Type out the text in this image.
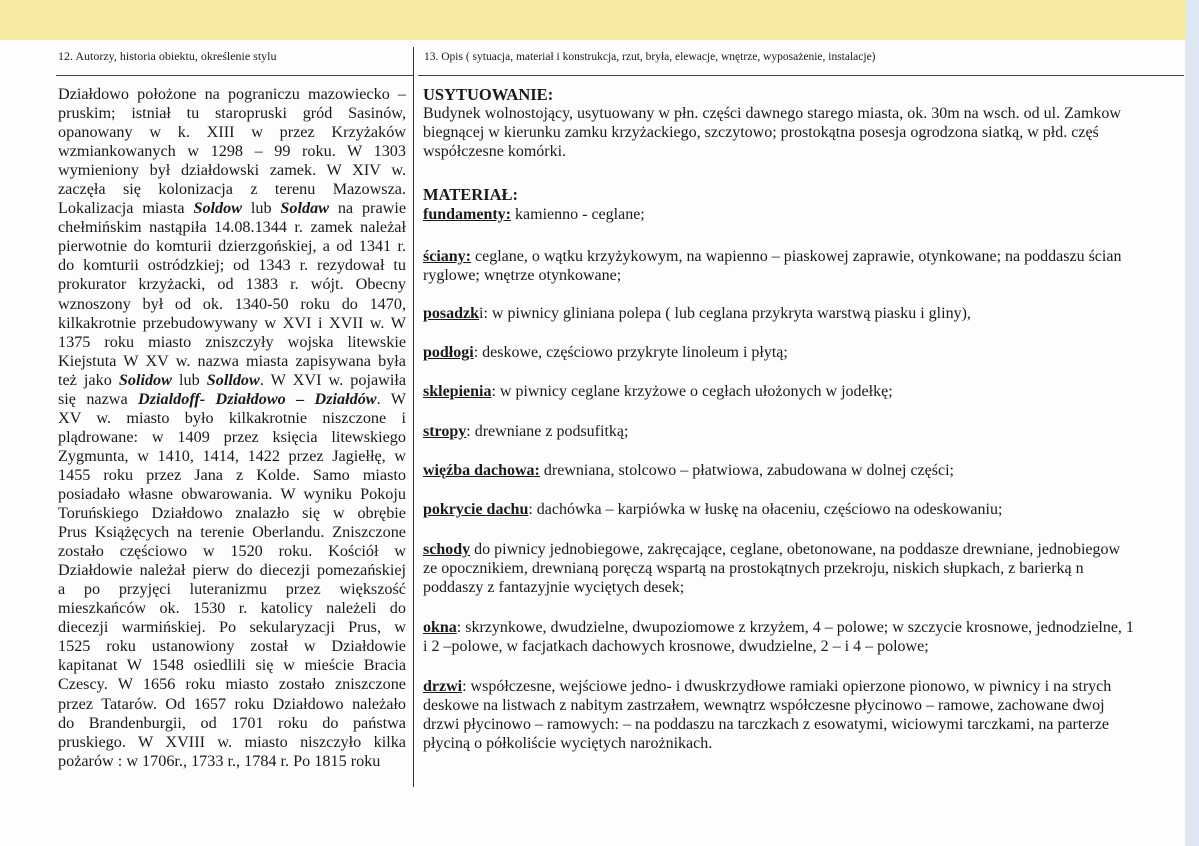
12. Autorzy, historia obiektu, określenie stylu	13. Opis ( sytuacja, materiał i konstrukcja, rzut, bryła, elewacje, wnętrze, wyposażenie, instalacje)
Działdowo położone na pograniczu mazowiecko –
pruskim; istniał tu staropruski gród Sasinów,
opanowany w k. XIII w przez Krzyżaków
wzmiankowanych w 1298 – 99 roku. W 1303
wymieniony był działdowski zamek. W XIV w.
zaczęła się kolonizacja z terenu Mazowsza.
Lokalizacja miasta Soldow lub Soldaw na prawie
chełmińskim nastąpiła 14.08.1344 r. zamek należał
pierwotnie do komturii dzierzgońskiej, a od 1341 r.
do komturii ostródzkiej; od 1343 r. rezydował tu
prokurator krzyżacki, od 1383 r. wójt. Obecny
wznoszony był od ok. 1340-50 roku do 1470,
kilkakrotnie przebudowywany w XVI i XVII w. W
1375 roku miasto zniszczyły wojska litewskie
Kiejstuta W XV w. nazwa miasta zapisywana była
też jako Solidow lub Solldow. W XVI w. pojawiła
się nazwa Dzialdoff- Działdowo – Działdów. W
XV w. miasto było kilkakrotnie niszczone i
plądrowane: w 1409 przez księcia litewskiego
Zygmunta, w 1410, 1414, 1422 przez Jagiełłę, w
1455 roku przez Jana z Kolde. Samo miasto
posiadało własne obwarowania. W wyniku Pokoju
Toruńskiego Działdowo znalazło się w obrębie
Prus Książęcych na terenie Oberlandu. Zniszczone
zostało częściowo w 1520 roku. Kościół w
Działdowie należał pierw do diecezji pomezańskiej
a po przyjęci luteranizmu przez większość
mieszkańców ok. 1530 r. katolicy należeli do
diecezji warmińskiej. Po sekularyzacji Prus, w
1525 roku ustanowiony został w Działdowie
kapitanat W 1548 osiedlili się w mieście Bracia
Czescy. W 1656 roku miasto zostało zniszczone
przez Tatarów. Od 1657 roku Działdowo należało
do Brandenburgii, od 1701 roku do państwa
pruskiego. W XVIII w. miasto niszczyło kilka
pożarów : w 1706r., 1733 r., 1784 r. Po 1815 roku
USYTUOWANIE:
Budynek wolnostojący, usytuowany w płn. części dawnego starego miasta, ok. 30m na wsch. od ul. Zamkow
biegnącej w kierunku zamku krzyżackiego, szczytowo; prostokątna posesja ogrodzona siatką, w płd. częś
współczesne komórki.
MATERIAŁ:
fundamenty: kamienno - ceglane;
ściany: ceglane, o wątku krzyżykowym, na wapienno – piaskowej zaprawie, otynkowane; na poddaszu ścian
ryglowe; wnętrze otynkowane;
posadzki: w piwnicy gliniana polepa ( lub ceglana przykryta warstwą piasku i gliny),
podłogi: deskowe, częściowo przykryte linoleum i płytą;
sklepienia: w piwnicy ceglane krzyżowe o cegłach ułożonych w jodełkę;
stropy: drewniane z podsufitką;
więźba dachowa: drewniana, stolcowo – płatwiowa, zabudowana w dolnej części;
pokrycie dachu: dachówka – karpiówka w łuskę na ołaceniu, częściowo na odeskowaniu;
schody do piwnicy jednobiegowe, zakręcające, ceglane, obetonowane, na poddasze drewniane, jednobiegow
ze opocznikiem, drewnianą poręczą wspartą na prostokątnych przekroju, niskich słupkach, z barierką n
poddaszy z fantazyjnie wyciętych desek;
okna: skrzynkowe, dwudzielne, dwupoziomowe z krzyżem, 4 – polowe; w szczycie krosnowe, jednodzielne, 1
i 2 –polowe, w facjatkach dachowych krosnowe, dwudzielne, 2 – i 4 – polowe;
drzwi: współczesne, wejściowe jedno- i dwuskrzydłowe ramiaki opierzone pionowo, w piwnicy i na strych
deskowe na listwach z nabitym zastrzałem, wewnątrz współczesne płycinowo – ramowe, zachowane dwoj
drzwi płycinowo – ramowych: – na poddaszu na tarczkach z esowatymi, wiciowymi tarczkami, na parterze
płyciną o półkoliście wyciętych narożnikach.
